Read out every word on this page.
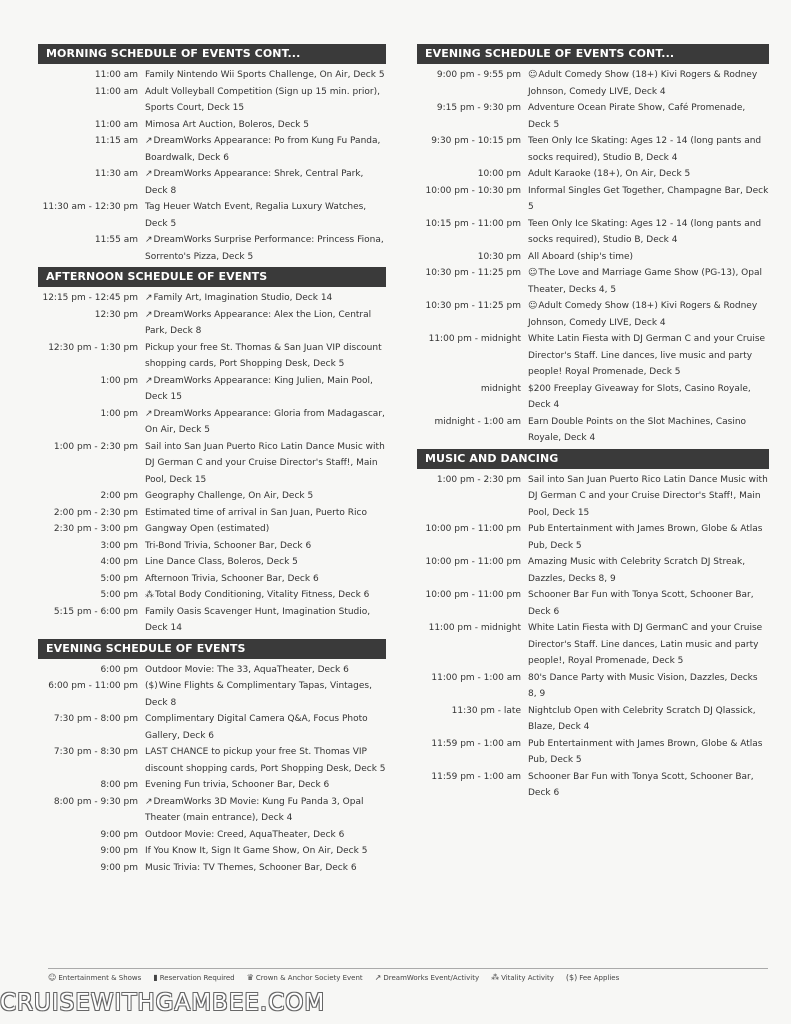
MORNING SCHEDULE OF EVENTS CONT...
11:00 am Family Nintendo Wii Sports Challenge, On Air, Deck 5
11:00 am Adult Volleyball Competition (Sign up 15 min. prior), Sports Court, Deck 15
11:00 am Mimosa Art Auction, Boleros, Deck 5
11:15 am ↗DreamWorks Appearance: Po from Kung Fu Panda, Boardwalk, Deck 6
11:30 am ↗DreamWorks Appearance: Shrek, Central Park, Deck 8
11:30 am - 12:30 pm Tag Heuer Watch Event, Regalia Luxury Watches, Deck 5
11:55 am ↗DreamWorks Surprise Performance: Princess Fiona, Sorrento's Pizza, Deck 5
AFTERNOON SCHEDULE OF EVENTS
12:15 pm - 12:45 pm ↗Family Art, Imagination Studio, Deck 14
12:30 pm ↗DreamWorks Appearance: Alex the Lion, Central Park, Deck 8
12:30 pm - 1:30 pm Pickup your free St. Thomas & San Juan VIP discount shopping cards, Port Shopping Desk, Deck 5
1:00 pm ↗DreamWorks Appearance: King Julien, Main Pool, Deck 15
1:00 pm ↗DreamWorks Appearance: Gloria from Madagascar, On Air, Deck 5
1:00 pm - 2:30 pm Sail into San Juan Puerto Rico Latin Dance Music with DJ German C and your Cruise Director's Staff!, Main Pool, Deck 15
2:00 pm Geography Challenge, On Air, Deck 5
2:00 pm - 2:30 pm Estimated time of arrival in San Juan, Puerto Rico
2:30 pm - 3:00 pm Gangway Open (estimated)
3:00 pm Tri-Bond Trivia, Schooner Bar, Deck 6
4:00 pm Line Dance Class, Boleros, Deck 5
5:00 pm Afternoon Trivia, Schooner Bar, Deck 6
5:00 pm ⁂Total Body Conditioning, Vitality Fitness, Deck 6
5:15 pm - 6:00 pm Family Oasis Scavenger Hunt, Imagination Studio, Deck 14
EVENING SCHEDULE OF EVENTS
6:00 pm Outdoor Movie: The 33, AquaTheater, Deck 6
6:00 pm - 11:00 pm ($)Wine Flights & Complimentary Tapas, Vintages, Deck 8
7:30 pm - 8:00 pm Complimentary Digital Camera Q&A, Focus Photo Gallery, Deck 6
7:30 pm - 8:30 pm LAST CHANCE to pickup your free St. Thomas VIP discount shopping cards, Port Shopping Desk, Deck 5
8:00 pm Evening Fun trivia, Schooner Bar, Deck 6
8:00 pm - 9:30 pm ↗DreamWorks 3D Movie: Kung Fu Panda 3, Opal Theater (main entrance), Deck 4
9:00 pm Outdoor Movie: Creed, AquaTheater, Deck 6
9:00 pm If You Know It, Sign It Game Show, On Air, Deck 5
9:00 pm Music Trivia: TV Themes, Schooner Bar, Deck 6
EVENING SCHEDULE OF EVENTS CONT...
9:00 pm - 9:55 pm ☺Adult Comedy Show (18+) Kivi Rogers & Rodney Johnson, Comedy LIVE, Deck 4
9:15 pm - 9:30 pm Adventure Ocean Pirate Show, Café Promenade, Deck 5
9:30 pm - 10:15 pm Teen Only Ice Skating: Ages 12 - 14 (long pants and socks required), Studio B, Deck 4
10:00 pm Adult Karaoke (18+), On Air, Deck 5
10:00 pm - 10:30 pm Informal Singles Get Together, Champagne Bar, Deck 5
10:15 pm - 11:00 pm Teen Only Ice Skating: Ages 12 - 14 (long pants and socks required), Studio B, Deck 4
10:30 pm All Aboard (ship's time)
10:30 pm - 11:25 pm ☺The Love and Marriage Game Show (PG-13), Opal Theater, Decks 4, 5
10:30 pm - 11:25 pm ☺Adult Comedy Show (18+) Kivi Rogers & Rodney Johnson, Comedy LIVE, Deck 4
11:00 pm - midnight White Latin Fiesta with DJ German C and your Cruise Director's Staff. Line dances, live music and party people! Royal Promenade, Deck 5
midnight $200 Freeplay Giveaway for Slots, Casino Royale, Deck 4
midnight - 1:00 am Earn Double Points on the Slot Machines, Casino Royale, Deck 4
MUSIC AND DANCING
1:00 pm - 2:30 pm Sail into San Juan Puerto Rico Latin Dance Music with DJ German C and your Cruise Director's Staff!, Main Pool, Deck 15
10:00 pm - 11:00 pm Pub Entertainment with James Brown, Globe & Atlas Pub, Deck 5
10:00 pm - 11:00 pm Amazing Music with Celebrity Scratch DJ Streak, Dazzles, Decks 8, 9
10:00 pm - 11:00 pm Schooner Bar Fun with Tonya Scott, Schooner Bar, Deck 6
11:00 pm - midnight White Latin Fiesta with DJ GermanC and your Cruise Director's Staff. Line dances, Latin music and party people!, Royal Promenade, Deck 5
11:00 pm - 1:00 am 80's Dance Party with Music Vision, Dazzles, Decks 8, 9
11:30 pm - late Nightclub Open with Celebrity Scratch DJ Qlassick, Blaze, Deck 4
11:59 pm - 1:00 am Pub Entertainment with James Brown, Globe & Atlas Pub, Deck 5
11:59 pm - 1:00 am Schooner Bar Fun with Tonya Scott, Schooner Bar, Deck 6
☺ Entertainment & Shows ▮ Reservation Required ♛ Crown & Anchor Society Event ↗ DreamWorks Event/Activity ⁂ Vitality Activity ($) Fee Applies
CRUISEWITHGAMBEE.COM
